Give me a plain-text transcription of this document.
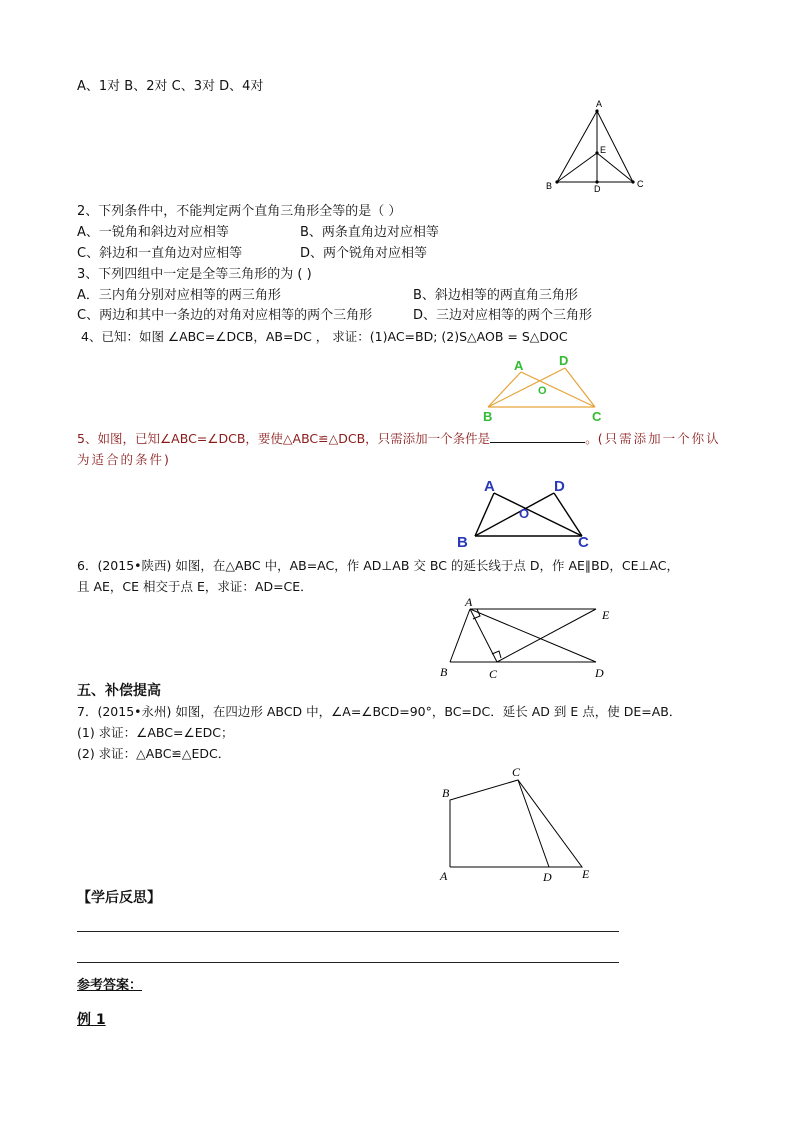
A、1对 B、2对 C、3对 D、4对
A
E
B	D	C
2、下列条件中，不能判定两个直角三角形全等的是（ ）
A、一锐角和斜边对应相等	B、两条直角边对应相等
C、斜边和一直角边对应相等	D、两个锐角对应相等
3、下列四组中一定是全等三角形的为 ( )
A．三内角分别对应相等的两三角形	B、斜边相等的两直角三角形
C、两边和其中一条边的对角对应相等的两个三角形	D、三边对应相等的两个三角形
4、已知：如图 ∠ABC=∠DCB，AB=DC ， 求证：(1)AC=BD; (2)S△AOB = S△DOC
A	D
O
B	C
5、如图，已知∠ABC=∠DCB，要使△ABC≌△DCB，只需添加一个条件是	。(只需添加一个你认
为适合的条件)
A	D
O
B	C
6．(2015•陕西) 如图，在△ABC 中，AB=AC，作 AD⊥AB 交 BC 的延长线于点 D，作 AE∥BD，CE⊥AC，
且 AE，CE 相交于点 E，求证：AD=CE．
A
E
B	C	D
五、补偿提高
7．(2015•永州) 如图，在四边形 ABCD 中，∠A=∠BCD=90°，BC=DC．延长 AD 到 E 点，使 DE=AB．
(1) 求证：∠ABC=∠EDC；
(2) 求证：△ABC≌△EDC．
C
B
A	D	E
【学后反思】
参考答案：
例 1
